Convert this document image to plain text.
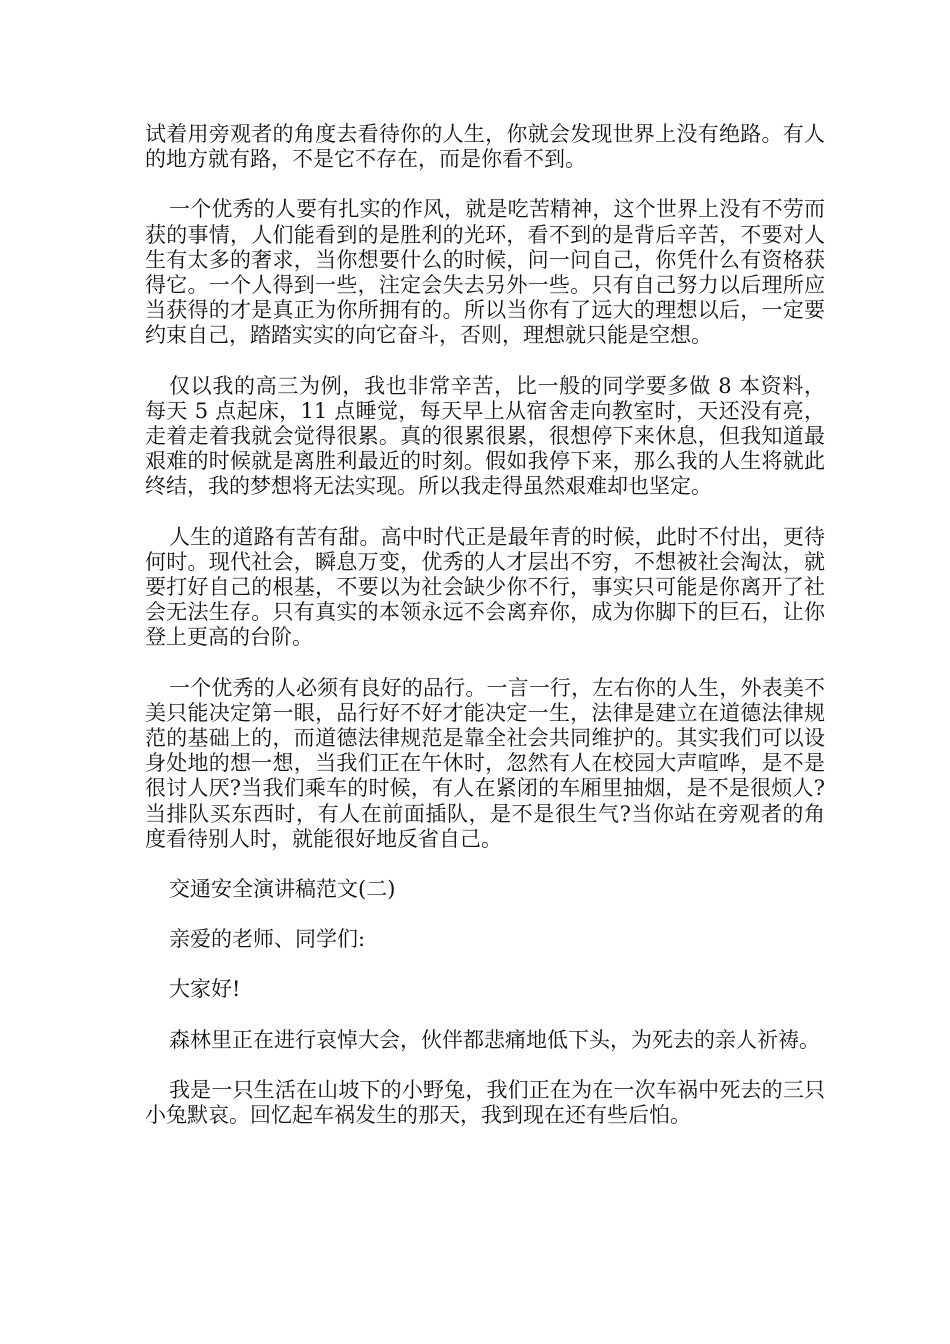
试着用旁观者的角度去看待你的人生，你就会发现世界上没有绝路。有人的地方就有路，不是它不存在，而是你看不到。

一个优秀的人要有扎实的作风，就是吃苦精神，这个世界上没有不劳而获的事情，人们能看到的是胜利的光环，看不到的是背后辛苦，不要对人生有太多的奢求，当你想要什么的时候，问一问自己，你凭什么有资格获得它。一个人得到一些，注定会失去另外一些。只有自己努力以后理所应当获得的才是真正为你所拥有的。所以当你有了远大的理想以后，一定要约束自己，踏踏实实的向它奋斗，否则，理想就只能是空想。

仅以我的高三为例，我也非常辛苦，比一般的同学要多做 8 本资料，每天 5 点起床，11 点睡觉，每天早上从宿舍走向教室时，天还没有亮，走着走着我就会觉得很累。真的很累很累，很想停下来休息，但我知道最艰难的时候就是离胜利最近的时刻。假如我停下来，那么我的人生将就此终结，我的梦想将无法实现。所以我走得虽然艰难却也坚定。

人生的道路有苦有甜。高中时代正是最年青的时候，此时不付出，更待何时。现代社会，瞬息万变，优秀的人才层出不穷，不想被社会淘汰，就要打好自己的根基，不要以为社会缺少你不行，事实只可能是你离开了社会无法生存。只有真实的本领永远不会离弃你，成为你脚下的巨石，让你登上更高的台阶。

一个优秀的人必须有良好的品行。一言一行，左右你的人生，外表美不美只能决定第一眼，品行好不好才能决定一生，法律是建立在道德法律规范的基础上的，而道德法律规范是靠全社会共同维护的。其实我们可以设身处地的想一想，当我们正在午休时，忽然有人在校园大声喧哗，是不是很讨人厌?当我们乘车的时候，有人在紧闭的车厢里抽烟，是不是很烦人?当排队买东西时，有人在前面插队，是不是很生气?当你站在旁观者的角度看待别人时，就能很好地反省自己。

交通安全演讲稿范文(二)

亲爱的老师、同学们:

大家好!

森林里正在进行哀悼大会，伙伴都悲痛地低下头，为死去的亲人祈祷。

我是一只生活在山坡下的小野兔，我们正在为在一次车祸中死去的三只小兔默哀。回忆起车祸发生的那天，我到现在还有些后怕。
